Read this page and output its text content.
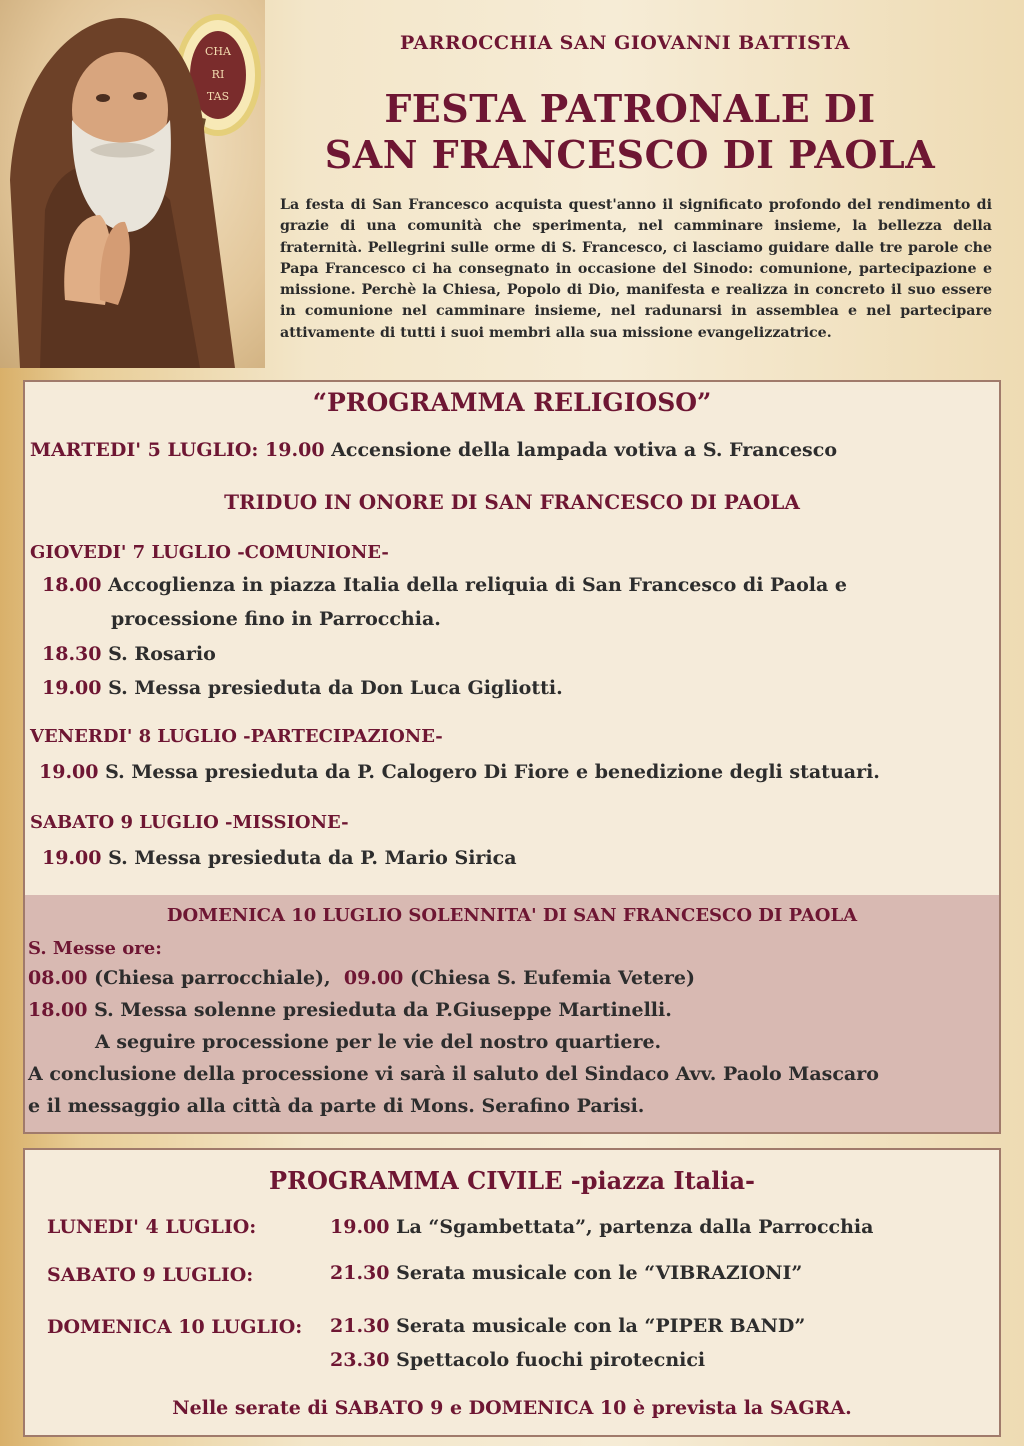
CHA
RI
TAS
PARROCCHIA SAN GIOVANNI BATTISTA
FESTA PATRONALE DI
SAN FRANCESCO DI PAOLA
La festa di San Francesco acquista quest'anno il significato profondo del rendimento di grazie di una comunità che sperimenta, nel camminare insieme, la bellezza della fraternità. Pellegrini sulle orme di S. Francesco, ci lasciamo guidare dalle tre parole che Papa Francesco ci ha consegnato in occasione del Sinodo: comunione, partecipazione e missione. Perchè la Chiesa, Popolo di Dio, manifesta e realizza in concreto il suo essere in comunione nel camminare insieme, nel radunarsi in assemblea e nel partecipare attivamente di tutti i suoi membri alla sua missione evangelizzatrice.
“PROGRAMMA RELIGIOSO”
MARTEDI' 5 LUGLIO: 19.00 Accensione della lampada votiva a S. Francesco
TRIDUO IN ONORE DI SAN FRANCESCO DI PAOLA
GIOVEDI' 7 LUGLIO -COMUNIONE-
18.00 Accoglienza in piazza Italia della reliquia di San Francesco di Paola e
processione fino in Parrocchia.
18.30 S. Rosario
19.00 S. Messa presieduta da Don Luca Gigliotti.
VENERDI' 8 LUGLIO -PARTECIPAZIONE-
19.00 S. Messa presieduta da P. Calogero Di Fiore e benedizione degli statuari.
SABATO 9 LUGLIO -MISSIONE-
19.00 S. Messa presieduta da P. Mario Sirica
DOMENICA 10 LUGLIO SOLENNITA' DI SAN FRANCESCO DI PAOLA
S. Messe ore:
08.00 (Chiesa parrocchiale), 09.00 (Chiesa S. Eufemia Vetere)
18.00 S. Messa solenne presieduta da P.Giuseppe Martinelli.
A seguire processione per le vie del nostro quartiere.
A conclusione della processione vi sarà il saluto del Sindaco Avv. Paolo Mascaro
e il messaggio alla città da parte di Mons. Serafino Parisi.
PROGRAMMA CIVILE -piazza Italia-
LUNEDI' 4 LUGLIO:	19.00 La “Sgambettata”, partenza dalla Parrocchia
SABATO 9 LUGLIO:	21.30 Serata musicale con le “VIBRAZIONI”
DOMENICA 10 LUGLIO: 21.30 Serata musicale con la “PIPER BAND”
23.30 Spettacolo fuochi pirotecnici
Nelle serate di SABATO 9 e DOMENICA 10 è prevista la SAGRA.
